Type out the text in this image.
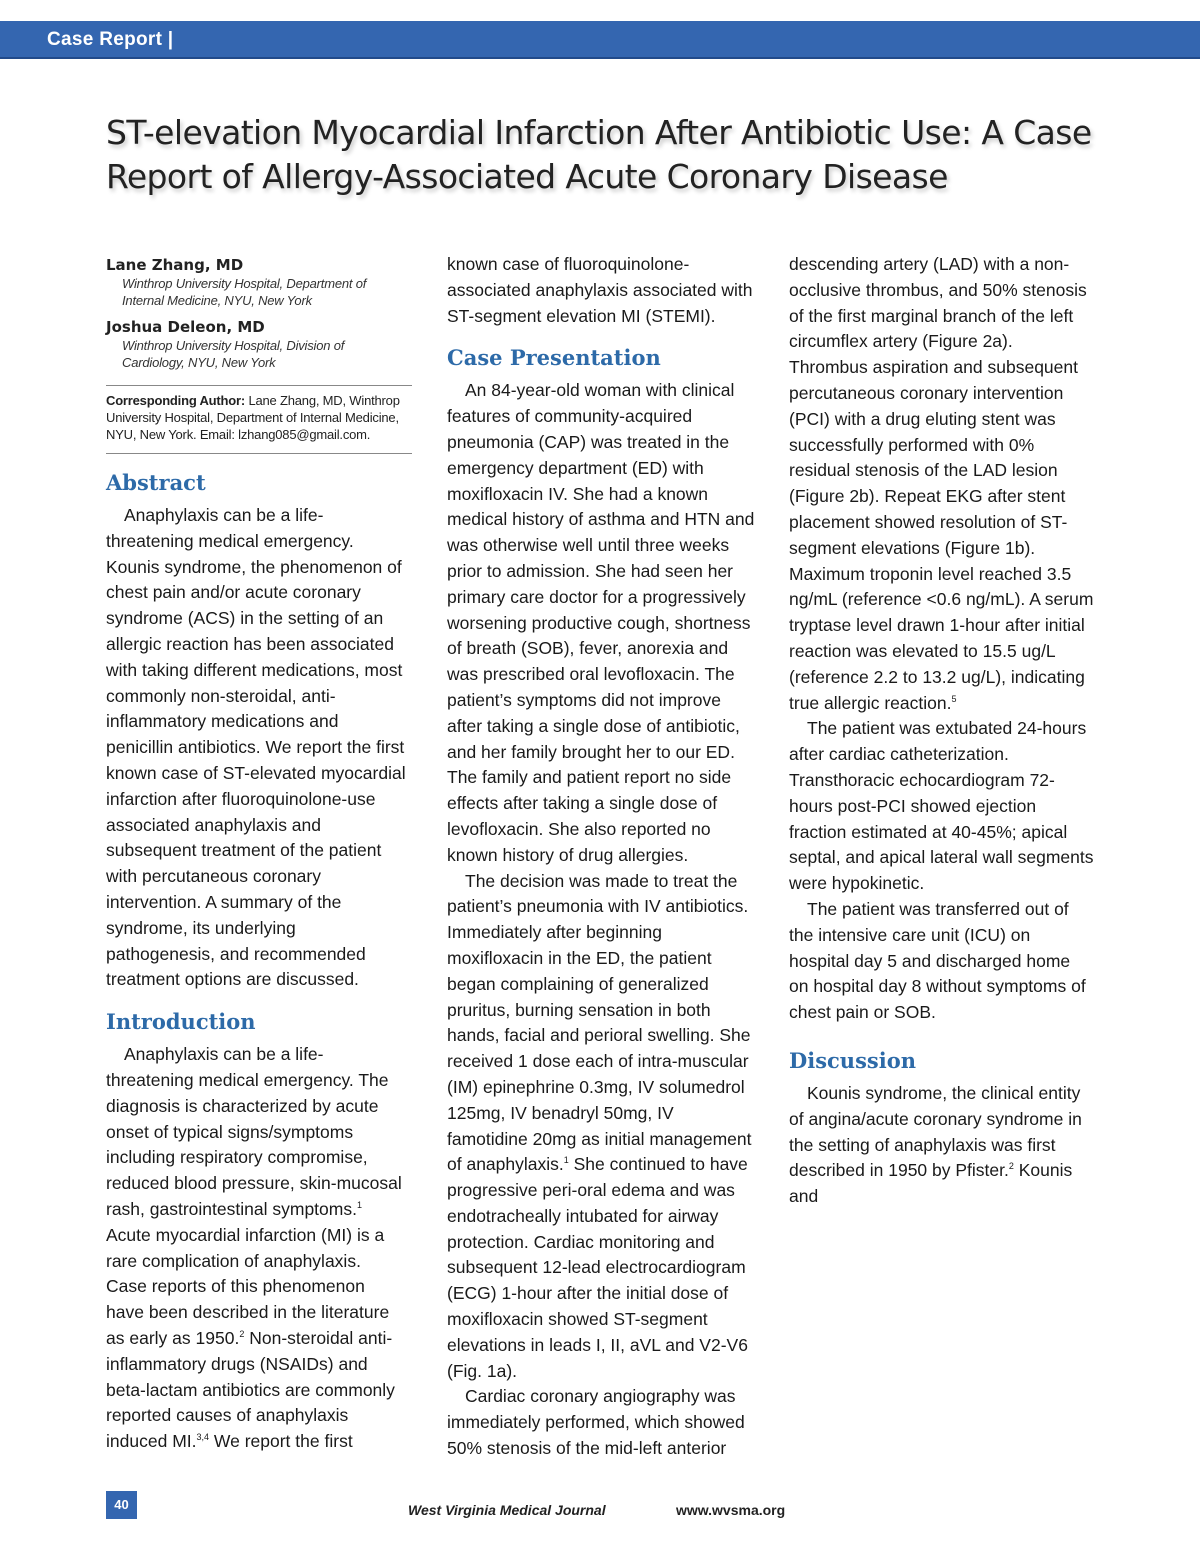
Case Report |
ST-elevation Myocardial Infarction After Antibiotic Use: A Case Report of Allergy-Associated Acute Coronary Disease
Lane Zhang, MD
Winthrop University Hospital, Department of Internal Medicine, NYU, New York
Joshua Deleon, MD
Winthrop University Hospital, Division of Cardiology, NYU, New York
Corresponding Author: Lane Zhang, MD, Winthrop University Hospital, Department of Internal Medicine, NYU, New York. Email: lzhang085@gmail.com.
Abstract

Anaphylaxis can be a life-threatening medical emergency. Kounis syndrome, the phenomenon of chest pain and/or acute coronary syndrome (ACS) in the setting of an allergic reaction has been associated with taking different medications, most commonly non-steroidal, anti-inflammatory medications and penicillin antibiotics. We report the first known case of ST-elevated myocardial infarction after fluoroquinolone-use associated anaphylaxis and subsequent treatment of the patient with percutaneous coronary intervention. A summary of the syndrome, its underlying pathogenesis, and recommended treatment options are discussed.

Introduction

Anaphylaxis can be a life-threatening medical emergency. The diagnosis is characterized by acute onset of typical signs/symptoms including respiratory compromise, reduced blood pressure, skin-mucosal rash, gastrointestinal symptoms.$^1$ Acute myocardial infarction (MI) is a rare complication of anaphylaxis. Case reports of this phenomenon have been described in the literature as early as 1950.$^2$ Non-steroidal anti-inflammatory drugs (NSAIDs) and beta-lactam antibiotics are commonly reported causes of anaphylaxis induced MI.$^{3,4}$ We report the first

known case of fluoroquinolone-associated anaphylaxis associated with ST-segment elevation MI (STEMI).

Case Presentation

An 84-year-old woman with clinical features of community-acquired pneumonia (CAP) was treated in the emergency department (ED) with moxifloxacin IV. She had a known medical history of asthma and HTN and was otherwise well until three weeks prior to admission. She had seen her primary care doctor for a progressively worsening productive cough, shortness of breath (SOB), fever, anorexia and was prescribed oral levofloxacin. The patient’s symptoms did not improve after taking a single dose of antibiotic, and her family brought her to our ED. The family and patient report no side effects after taking a single dose of levofloxacin. She also reported no known history of drug allergies.

The decision was made to treat the patient’s pneumonia with IV antibiotics. Immediately after beginning moxifloxacin in the ED, the patient began complaining of generalized pruritus, burning sensation in both hands, facial and perioral swelling. She received 1 dose each of intra-muscular (IM) epinephrine 0.3mg, IV solumedrol 125mg, IV benadryl 50mg, IV famotidine 20mg as initial management of anaphylaxis.$^1$ She continued to have progressive peri-oral edema and was endotracheally intubated for airway protection. Cardiac monitoring and subsequent 12-lead electrocardiogram (ECG) 1-hour after the initial dose of moxifloxacin showed ST-segment elevations in leads I, II, aVL and V2-V6 (Fig. 1a).

Cardiac coronary angiography was immediately performed, which showed 50% stenosis of the mid-left anterior

descending artery (LAD) with a non-occlusive thrombus, and 50% stenosis of the first marginal branch of the left circumflex artery (Figure 2a). Thrombus aspiration and subsequent percutaneous coronary intervention (PCI) with a drug eluting stent was successfully performed with 0% residual stenosis of the LAD lesion (Figure 2b). Repeat EKG after stent placement showed resolution of ST-segment elevations (Figure 1b). Maximum troponin level reached 3.5 ng/mL (reference <0.6 ng/mL). A serum tryptase level drawn 1-hour after initial reaction was elevated to 15.5 ug/L (reference 2.2 to 13.2 ug/L), indicating true allergic reaction.$^5$

The patient was extubated 24-hours after cardiac catheterization. Transthoracic echocardiogram 72-hours post-PCI showed ejection fraction estimated at 40-45%; apical septal, and apical lateral wall segments were hypokinetic.

The patient was transferred out of the intensive care unit (ICU) on hospital day 5 and discharged home on hospital day 8 without symptoms of chest pain or SOB.

Discussion

Kounis syndrome, the clinical entity of angina/acute coronary syndrome in the setting of anaphylaxis was first described in 1950 by Pfister.$^2$ Kounis and

40	West Virginia Medical Journal	www.wvsma.org
